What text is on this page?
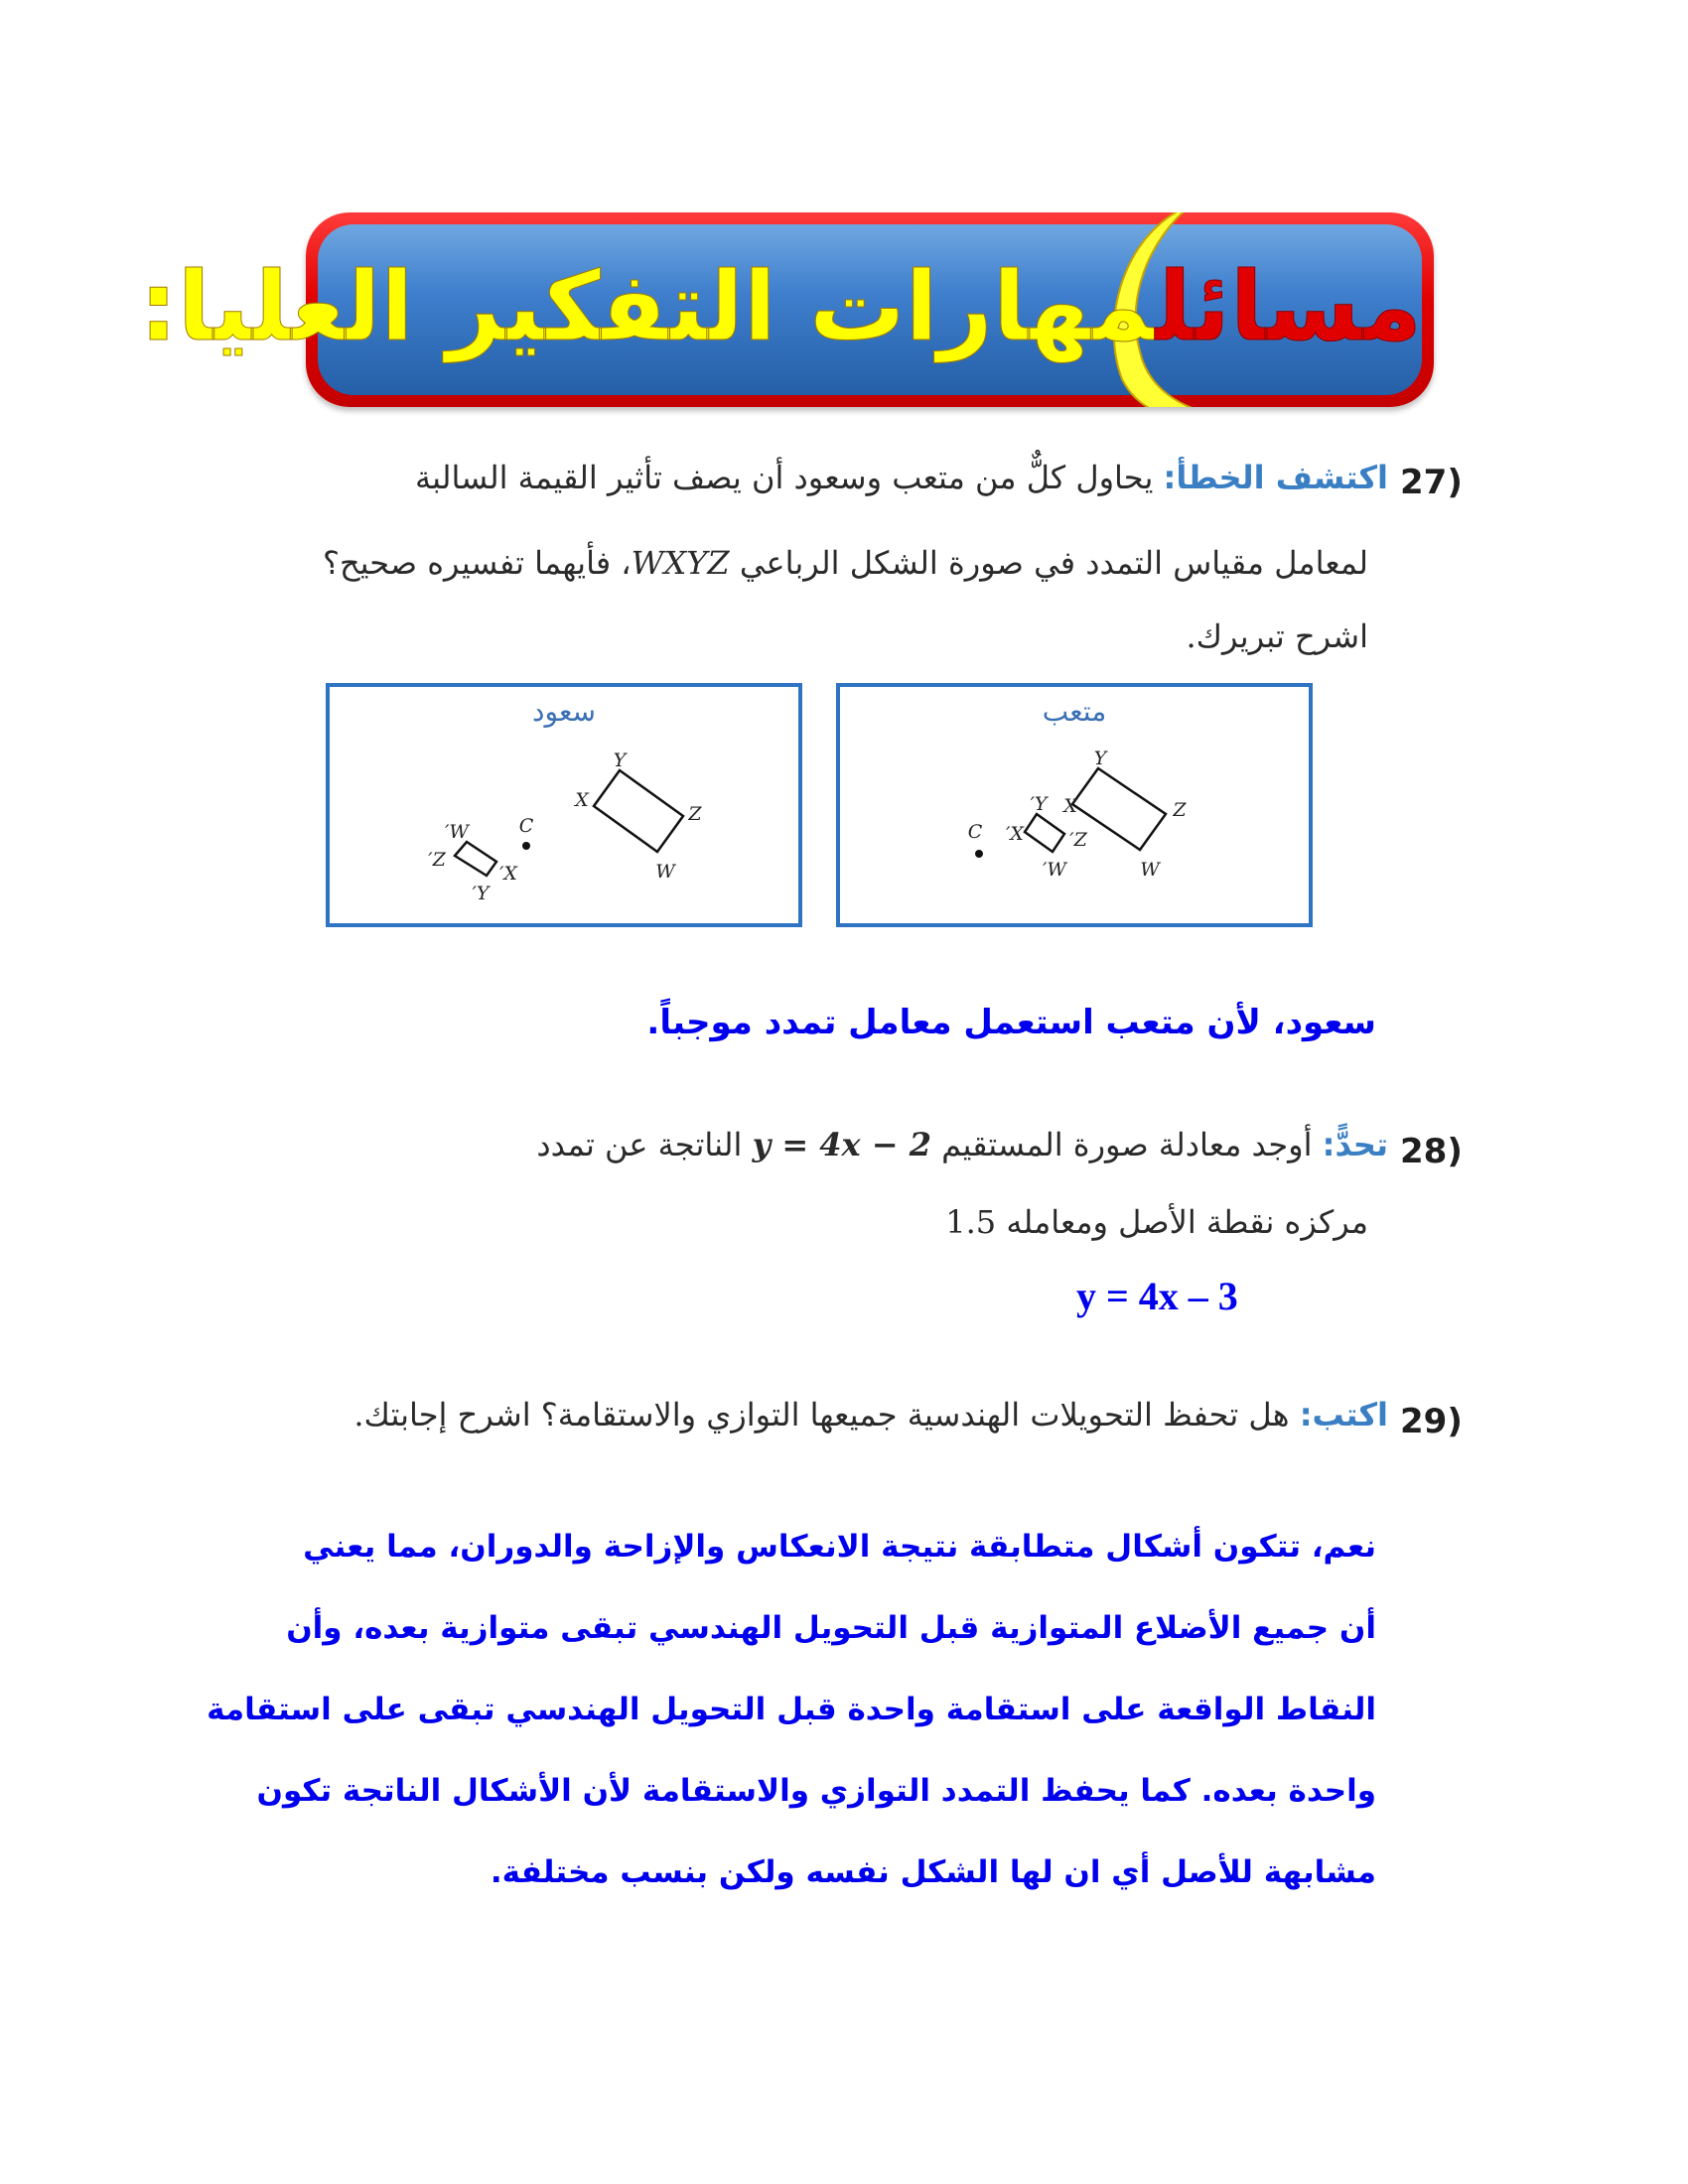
مسائلمهارات التفكير العليا:
27)
اكتشف الخطأ: يحاول كلٌّ من متعب وسعود أن يصف تأثير القيمة السالبة
لمعامل مقياس التمدد في صورة الشكل الرباعي WXYZ، فأيهما تفسيره صحيح؟
اشرح تبريرك.
سعود
Y
X
Z
W
C
W′
Z′
X′
Y′
متعب
Y
X	Z
W
C
Y′
X′ Z′
W′
سعود، لأن متعب استعمل معامل تمدد موجباً.
28)
تحدًّ: أوجد معادلة صورة المستقيم y = 4x − 2 الناتجة عن تمدد
مركزه نقطة الأصل ومعامله 1.5
y = 4x – 3
29)
اكتب: هل تحفظ التحويلات الهندسية جميعها التوازي والاستقامة؟ اشرح إجابتك.
نعم، تتكون أشكال متطابقة نتيجة الانعكاس والإزاحة والدوران، مما يعني
أن جميع الأضلاع المتوازية قبل التحويل الهندسي تبقى متوازية بعده، وأن
النقاط الواقعة على استقامة واحدة قبل التحويل الهندسي تبقى على استقامة
واحدة بعده. كما يحفظ التمدد التوازي والاستقامة لأن الأشكال الناتجة تكون
مشابهة للأصل أي ان لها الشكل نفسه ولكن بنسب مختلفة.
